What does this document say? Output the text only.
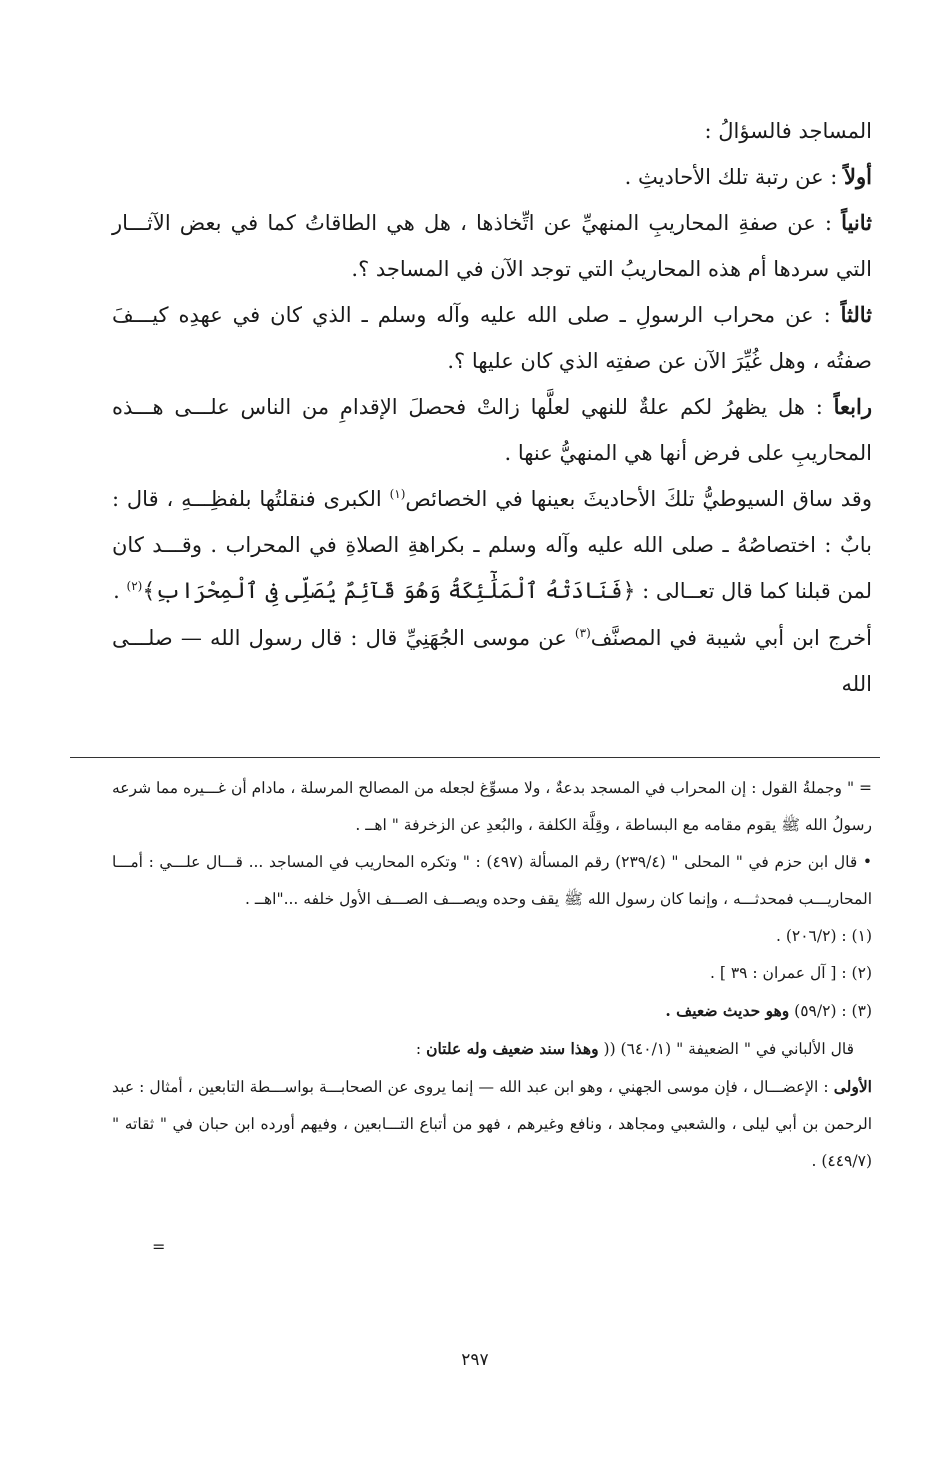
المساجد فالسؤالُ :

أولاً : عن رتبة تلك الأحاديثِ .

ثانياً : عن صفةِ المحاريبِ المنهيِّ عن اتِّخاذها ، هل هي الطاقاتُ كما في بعض الآثـــار التي سردها أم هذه المحاريبُ التي توجد الآن في المساجد ؟.

ثالثاً : عن محراب الرسولِ ـ صلى الله عليه وآله وسلم ـ الذي كان في عهدِه كيـــفَ صفتُه ، وهل غُيِّرَ الآن عن صفتِه الذي كان عليها ؟.

رابعاً : هل يظهرُ لكم علةٌ للنهي لعلَّها زالتْ فحصلَ الإقدامِ من الناس علـــى هـــذه المحاريبِ على فرض أنها هي المنهيُّ عنها .

وقد ساق السيوطيُّ تلكَ الأحاديثَ بعينها في الخصائص$^{(١)}$ الكبرى فنقلتُها بلفظِـــهِ ، قال : بابٌ : اختصاصُهُ ـ صلى الله عليه وآله وسلم ـ بكراهةِ الصلاةِ في المحراب . وقـــد كان لمن قبلنا كما قال تعــالى : ﴿فَنَادَتْهُ ٱلْمَلَٰٓئِكَةُ وَهُوَ قَآئِمٌ يُصَلِّى فِى ٱلْمِحْرَابِ﴾$^{(٢)}$ .

أخرج ابن أبي شيبة في المصنَّف$^{(٣)}$ عن موسى الجُهَنِيِّ قال : قال رسول الله — صلـــى الله

= " وجملةُ القول : إن المحراب في المسجد بدعةٌ ، ولا مسوِّغ لجعله من المصالح المرسلة ، مادام أن غـــيره مما شرعه رسولُ الله ﷺ يقوم مقامه مع البساطة ، وقِلَّة الكلفة ، والبُعدِ عن الزخرفة " اهــ .

• قال ابن حزم في " المحلى " (٢٣٩/٤) رقم المسألة (٤٩٧) : " وتكره المحاريب في المساجد ... قـــال علـــي : أمـــا المحاريـــب فمحدثـــه ، وإنما كان رسول الله ﷺ يقف وحده ويصـــف الصـــف الأول خلفه ..."اهــ .

(١) : (٢٠٦/٢) .

(٢) : [ آل عمران : ٣٩ ] .

(٣) : (٥٩/٢) وهو حديث ضعيف .

قال الألباني في " الضعيفة " (٦٤٠/١) (( وهذا سند ضعيف وله علتان :

الأولى : الإعضـــال ، فإن موسى الجهني ، وهو ابن عبد الله — إنما يروى عن الصحابـــة بواســـطة التابعين ، أمثال : عبد الرحمن بن أبي ليلى ، والشعبي ومجاهد ، ونافع وغيرهم ، فهو من أتباع التـــابعين ، وفيهم أورده ابن حبان في " ثقاته " (٤٤٩/٧) .

=
٢٩٧
